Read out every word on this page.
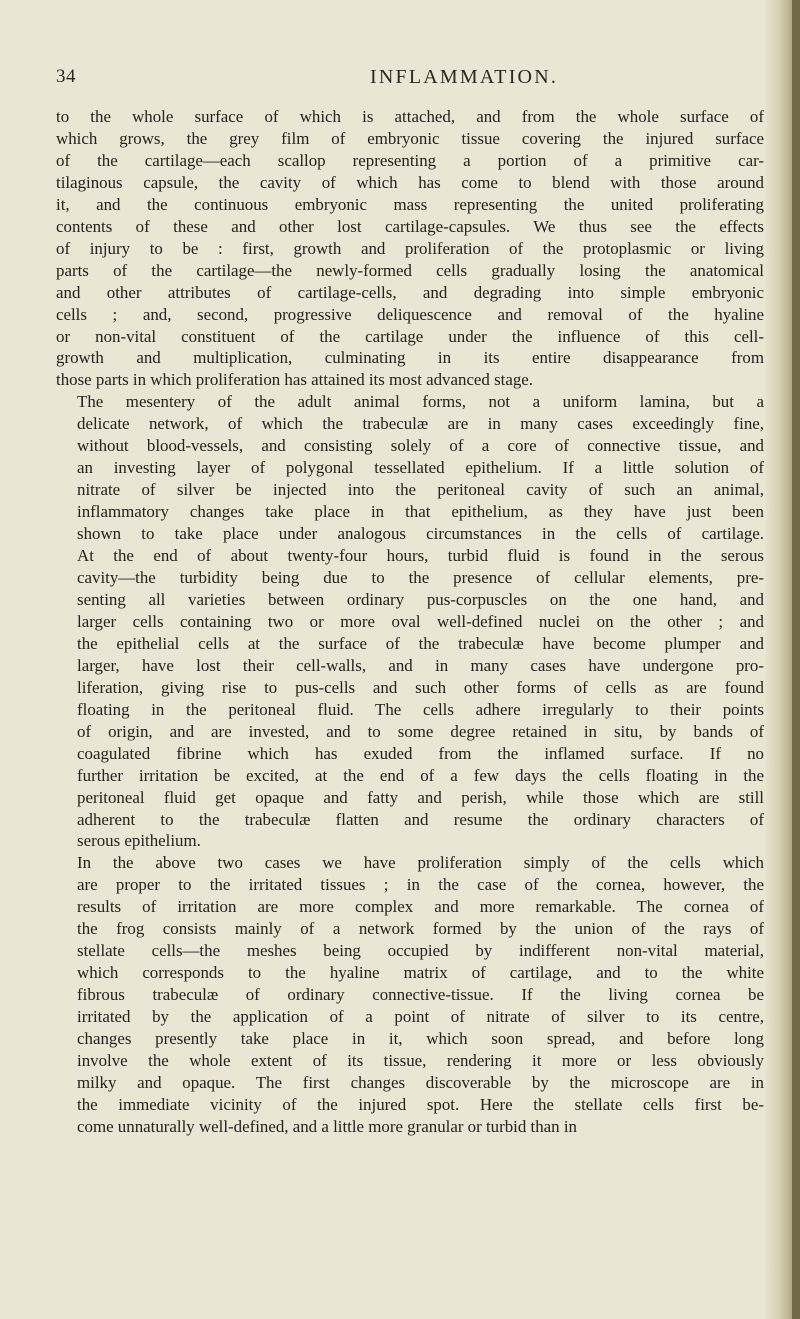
34	INFLAMMATION.

to the whole surface of which is attached, and from the whole surface of
which grows, the grey film of embryonic tissue covering the injured surface
of the cartilage—each scallop representing a portion of a primitive car-
tilaginous capsule, the cavity of which has come to blend with those around
it, and the continuous embryonic mass representing the united proliferating
contents of these and other lost cartilage-capsules. We thus see the effects
of injury to be : first, growth and proliferation of the protoplasmic or living
parts of the cartilage—the newly-formed cells gradually losing the anatomical
and other attributes of cartilage-cells, and degrading into simple embryonic
cells ; and, second, progressive deliquescence and removal of the hyaline
or non-vital constituent of the cartilage under the influence of this cell-
growth and multiplication, culminating in its entire disappearance from
those parts in which proliferation has attained its most advanced stage.

The mesentery of the adult animal forms, not a uniform lamina, but a
delicate network, of which the trabeculæ are in many cases exceedingly fine,
without blood-vessels, and consisting solely of a core of connective tissue, and
an investing layer of polygonal tessellated epithelium. If a little solution of
nitrate of silver be injected into the peritoneal cavity of such an animal,
inflammatory changes take place in that epithelium, as they have just been
shown to take place under analogous circumstances in the cells of cartilage.
At the end of about twenty-four hours, turbid fluid is found in the serous
cavity—the turbidity being due to the presence of cellular elements, pre-
senting all varieties between ordinary pus-corpuscles on the one hand, and
larger cells containing two or more oval well-defined nuclei on the other ; and
the epithelial cells at the surface of the trabeculæ have become plumper and
larger, have lost their cell-walls, and in many cases have undergone pro-
liferation, giving rise to pus-cells and such other forms of cells as are found
floating in the peritoneal fluid. The cells adhere irregularly to their points
of origin, and are invested, and to some degree retained in situ, by bands of
coagulated fibrine which has exuded from the inflamed surface. If no
further irritation be excited, at the end of a few days the cells floating in the
peritoneal fluid get opaque and fatty and perish, while those which are still
adherent to the trabeculæ flatten and resume the ordinary characters of
serous epithelium.

In the above two cases we have proliferation simply of the cells which
are proper to the irritated tissues ; in the case of the cornea, however, the
results of irritation are more complex and more remarkable. The cornea of
the frog consists mainly of a network formed by the union of the rays of
stellate cells—the meshes being occupied by indifferent non-vital material,
which corresponds to the hyaline matrix of cartilage, and to the white
fibrous trabeculæ of ordinary connective-tissue. If the living cornea be
irritated by the application of a point of nitrate of silver to its centre,
changes presently take place in it, which soon spread, and before long
involve the whole extent of its tissue, rendering it more or less obviously
milky and opaque. The first changes discoverable by the microscope are in
the immediate vicinity of the injured spot. Here the stellate cells first be-
come unnaturally well-defined, and a little more granular or turbid than in
